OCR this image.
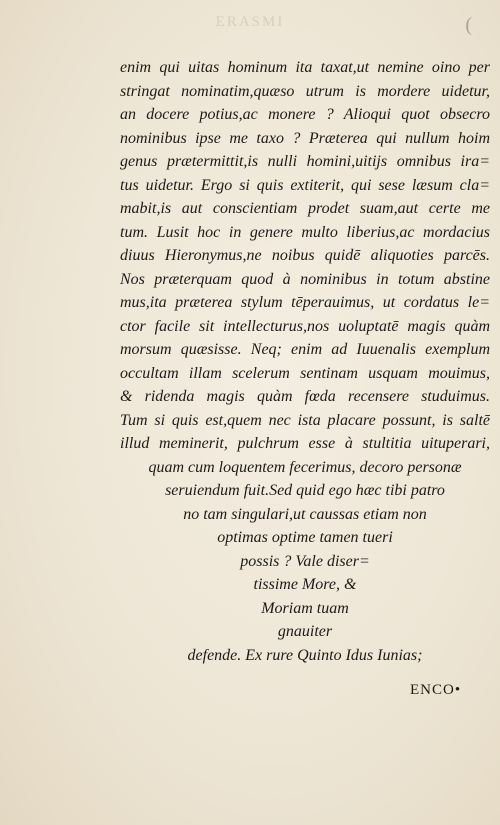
ERASMI	(
enim qui uitas hominum ita taxat,ut nemine oino per
stringat nominatim,quæso utrum is mordere uidetur,
an docere potius,ac monere ? Alioqui quot obsecro
nominibus ipse me taxo ? Præterea qui nullum hoim
genus prætermittit,is nulli homini,uitijs omnibus ira=
tus uidetur. Ergo si quis extiterit, qui sese læsum cla=
mabit,is aut conscientiam prodet suam,aut certe me
tum. Lusit hoc in genere multo liberius,ac mordacius
diuus Hieronymus,ne noibus quidē aliquoties parcēs.
Nos præterquam quod à nominibus in totum abstine
mus,ita præterea stylum tēperauimus, ut cordatus le=
ctor facile sit intellecturus,nos uoluptatē magis quàm
morsum quæsisse. Neq; enim ad Iuuenalis exemplum
occultam illam scelerum sentinam usquam mouimus,
& ridenda magis quàm fœda recensere studuimus.
Tum si quis est,quem nec ista placare possunt, is saltē
illud meminerit, pulchrum esse à stultitia uituperari,
quam cum loquentem fecerimus, decoro personæ
seruiendum fuit.Sed quid ego hæc tibi patro
no tam singulari,ut caussas etiam non
optimas optime tamen tueri
possis ? Vale diser=
tissime More, &
Moriam tuam
gnauiter
defende. Ex rure Quinto Idus Iunias;
ENCO•
